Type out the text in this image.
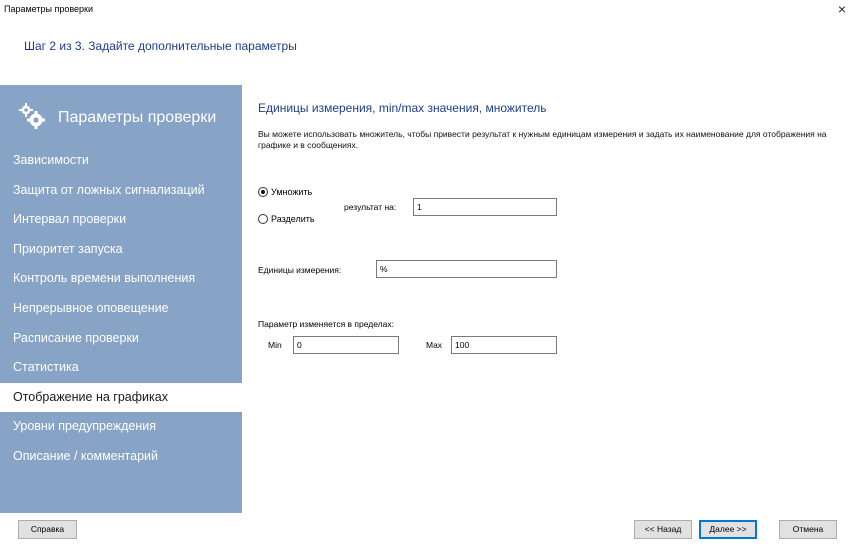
Параметры проверки	×
Шаг 2 из 3. Задайте дополнительные параметры
Параметры проверки
Зависимости
Защита от ложных сигнализаций
Интервал проверки
Приоритет запуска
Контроль времени выполнения
Непрерывное оповещение
Расписание проверки
Статистика
Отображение на графиках
Уровни предупреждения
Описание / комментарий
Единицы измерения, min/max значения, множитель
Вы можете использовать множитель, чтобы привести результат к нужным единицам измерения и задать их наименование для отображения на графике и в сообщениях.
Умножить
Разделить
результат на:
1
Единицы измерения:
%
Параметр изменяется в пределах:
Min
0	Max
100
Справка	<< Назад	Далее >>	Отмена
